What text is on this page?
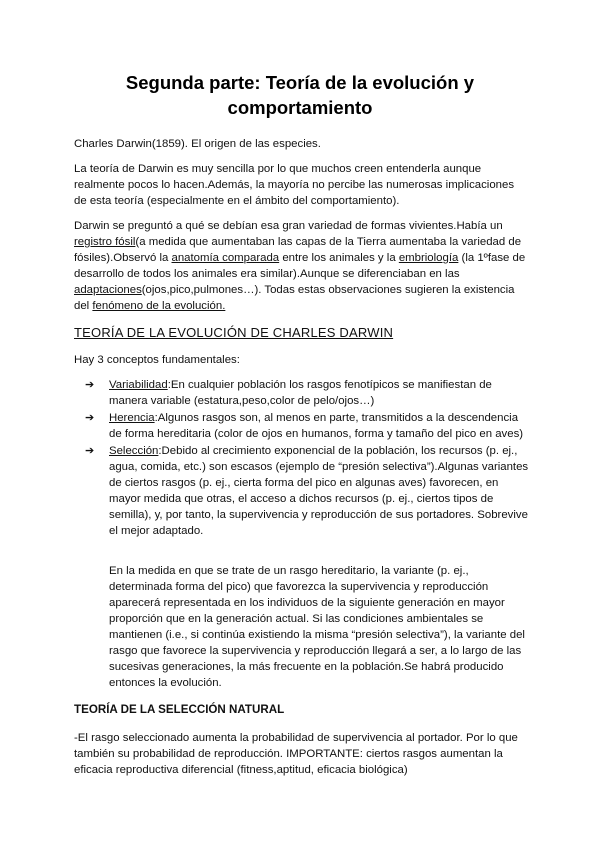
Segunda parte: Teoría de la evolución y comportamiento

Charles Darwin(1859). El origen de las especies.

La teoría de Darwin es muy sencilla por lo que muchos creen entenderla aunque realmente pocos lo hacen.Además, la mayoría no percibe las numerosas implicaciones de esta teoría (especialmente en el ámbito del comportamiento).

Darwin se preguntó a qué se debían esa gran variedad de formas vivientes.Había un registro fósil(a medida que aumentaban las capas de la Tierra aumentaba la variedad de fósiles).Observó la anatomía comparada entre los animales y la embriología (la 1ºfase de desarrollo de todos los animales era similar).Aunque se diferenciaban en las adaptaciones(ojos,pico,pulmones…). Todas estas observaciones sugieren la existencia del fenómeno de la evolución.

TEORÍA DE LA EVOLUCIÓN DE CHARLES DARWIN

Hay 3 conceptos fundamentales:

➔ Variabilidad:En cualquier población los rasgos fenotípicos se manifiestan de manera variable (estatura,peso,color de pelo/ojos…)
➔ Herencia:Algunos rasgos son, al menos en parte, transmitidos a la descendencia de forma hereditaria (color de ojos en humanos, forma y tamaño del pico en aves)
➔ Selección:Debido al crecimiento exponencial de la población, los recursos (p. ej., agua, comida, etc.) son escasos (ejemplo de “presión selectiva”).Algunas variantes de ciertos rasgos (p. ej., cierta forma del pico en algunas aves) favorecen, en mayor medida que otras, el acceso a dichos recursos (p. ej., ciertos tipos de semilla), y, por tanto, la supervivencia y reproducción de sus portadores. Sobrevive el mejor adaptado.

En la medida en que se trate de un rasgo hereditario, la variante (p. ej., determinada forma del pico) que favorezca la supervivencia y reproducción aparecerá representada en los individuos de la siguiente generación en mayor proporción que en la generación actual. Si las condiciones ambientales se mantienen (i.e., si continúa existiendo la misma “presión selectiva”), la variante del rasgo que favorece la supervivencia y reproducción llegará a ser, a lo largo de las sucesivas generaciones, la más frecuente en la población.Se habrá producido entonces la evolución.

TEORÍA DE LA SELECCIÓN NATURAL

-El rasgo seleccionado aumenta la probabilidad de supervivencia al portador. Por lo que también su probabilidad de reproducción. IMPORTANTE: ciertos rasgos aumentan la eficacia reproductiva diferencial (fitness,aptitud, eficacia biológica)
